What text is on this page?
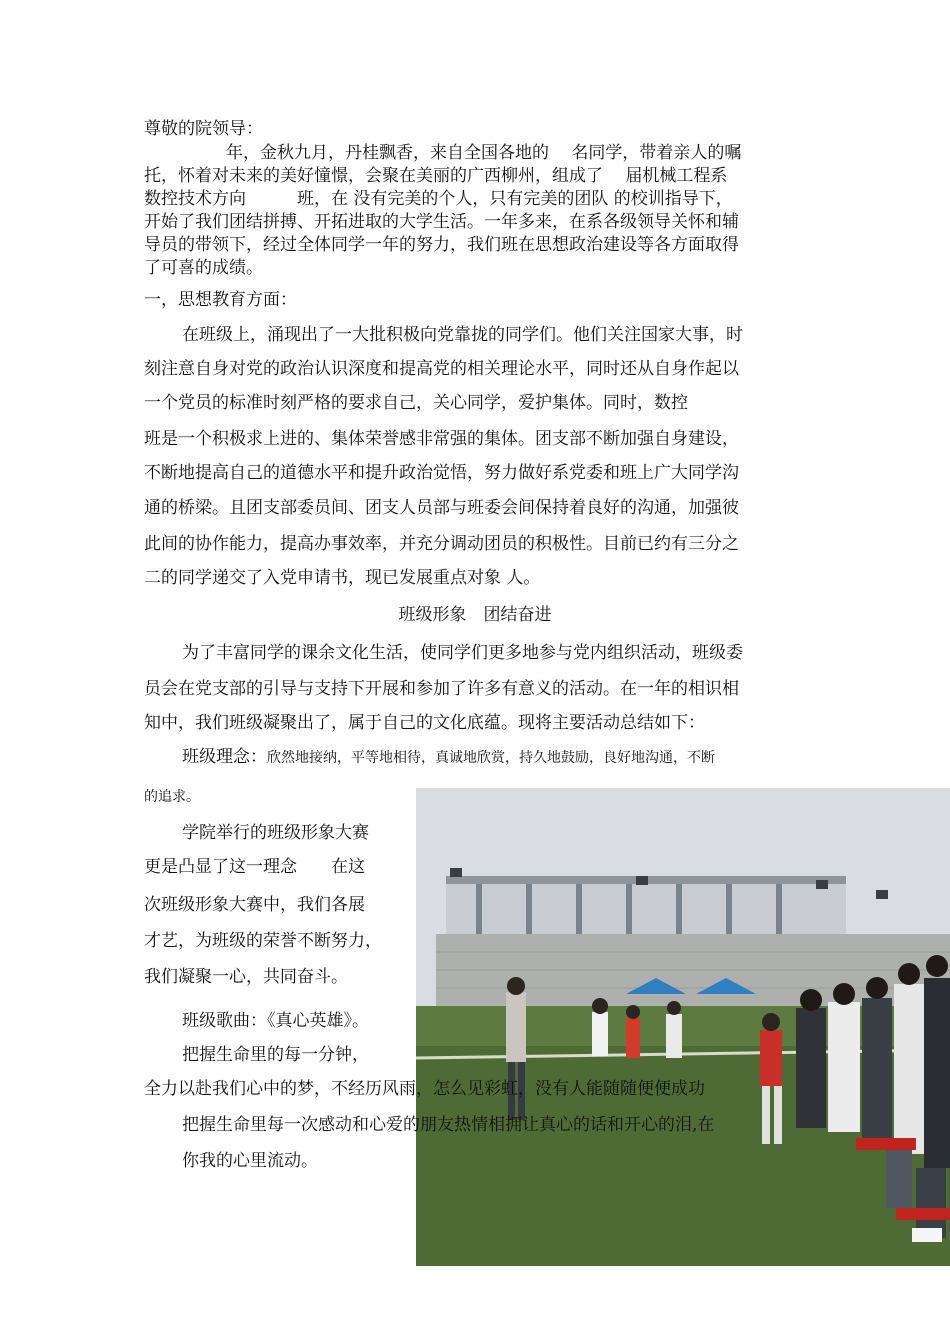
尊敬的院领导：

年，金秋九月，丹桂飘香，来自全国各地的　 名同学，带着亲人的嘱

托，怀着对未来的美好憧憬，会聚在美丽的广西柳州，组成了　 届机械工程系

数控技术方向　　　班，在 没有完美的个人，只有完美的团队 的校训指导下，

开始了我们团结拼搏、开拓进取的大学生活。一年多来，在系各级领导关怀和辅

导员的带领下，经过全体同学一年的努力，我们班在思想政治建设等各方面取得

了可喜的成绩。

一，思想教育方面：

在班级上，涌现出了一大批积极向党靠拢的同学们。他们关注国家大事，时

刻注意自身对党的政治认识深度和提高党的相关理论水平，同时还从自身作起以

一个党员的标准时刻严格的要求自己，关心同学，爱护集体。同时，数控

班是一个积极求上进的、集体荣誉感非常强的集体。团支部不断加强自身建设，

不断地提高自己的道德水平和提升政治觉悟，努力做好系党委和班上广大同学沟

通的桥梁。且团支部委员间、团支人员部与班委会间保持着良好的沟通，加强彼

此间的协作能力，提高办事效率，并充分调动团员的积极性。目前已约有三分之

二的同学递交了入党申请书，现已发展重点对象 人。

班级形象　团结奋进

为了丰富同学的课余文化生活，使同学们更多地参与党内组织活动，班级委

员会在党支部的引导与支持下开展和参加了许多有意义的活动。在一年的相识相

知中，我们班级凝聚出了，属于自己的文化底蕴。现将主要活动总结如下：

班级理念：欣然地接纳，平等地相待，真诚地欣赏，持久地鼓励，良好地沟通，不断

的追求。

学院举行的班级形象大赛

更是凸显了这一理念　　在这

次班级形象大赛中，我们各展

才艺，为班级的荣誉不断努力，

我们凝聚一心，共同奋斗。

班级歌曲：《真心英雄》。

把握生命里的每一分钟，

全力以赴我们心中的梦，不经历风雨，怎么见彩虹，没有人能随随便便成功

把握生命里每一次感动和心爱的朋友热情相拥让真心的话和开心的泪,在

你我的心里流动。
